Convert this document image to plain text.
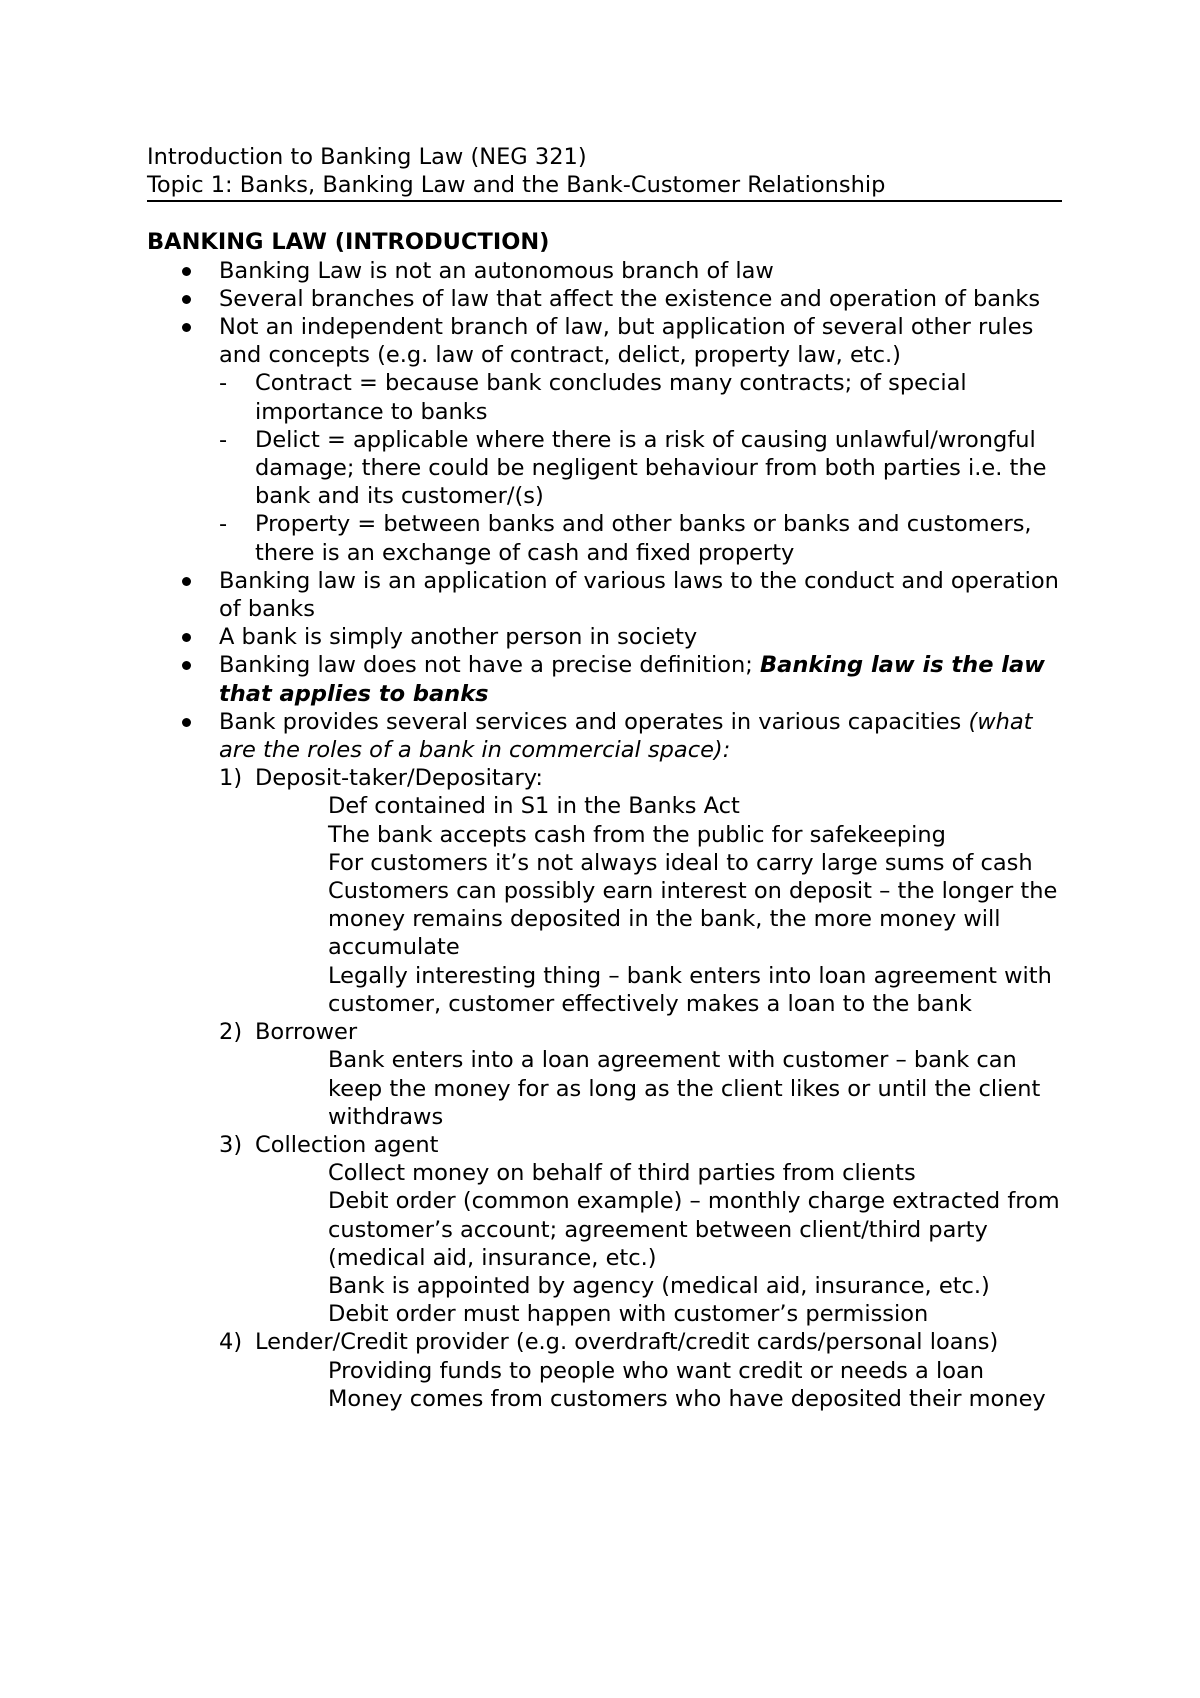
Introduction to Banking Law (NEG 321)
Topic 1: Banks, Banking Law and the Bank-Customer Relationship
BANKING LAW (INTRODUCTION)
Banking Law is not an autonomous branch of law
Several branches of law that affect the existence and operation of banks
Not an independent branch of law, but application of several other rules and concepts (e.g. law of contract, delict, property law, etc.)
- Contract = because bank concludes many contracts; of special importance to banks
- Delict = applicable where there is a risk of causing unlawful/wrongful damage; there could be negligent behaviour from both parties i.e. the bank and its customer/(s)
- Property = between banks and other banks or banks and customers, there is an exchange of cash and fixed property
Banking law is an application of various laws to the conduct and operation of banks
A bank is simply another person in society
Banking law does not have a precise definition; Banking law is the law that applies to banks
Bank provides several services and operates in various capacities (what are the roles of a bank in commercial space):
1) Deposit-taker/Depositary:
Def contained in S1 in the Banks Act
The bank accepts cash from the public for safekeeping
For customers it’s not always ideal to carry large sums of cash
Customers can possibly earn interest on deposit – the longer the money remains deposited in the bank, the more money will accumulate
Legally interesting thing – bank enters into loan agreement with customer, customer effectively makes a loan to the bank
2) Borrower
Bank enters into a loan agreement with customer – bank can keep the money for as long as the client likes or until the client withdraws
3) Collection agent
Collect money on behalf of third parties from clients
Debit order (common example) – monthly charge extracted from customer’s account; agreement between client/third party (medical aid, insurance, etc.)
Bank is appointed by agency (medical aid, insurance, etc.)
Debit order must happen with customer’s permission
4) Lender/Credit provider (e.g. overdraft/credit cards/personal loans)
Providing funds to people who want credit or needs a loan
Money comes from customers who have deposited their money
